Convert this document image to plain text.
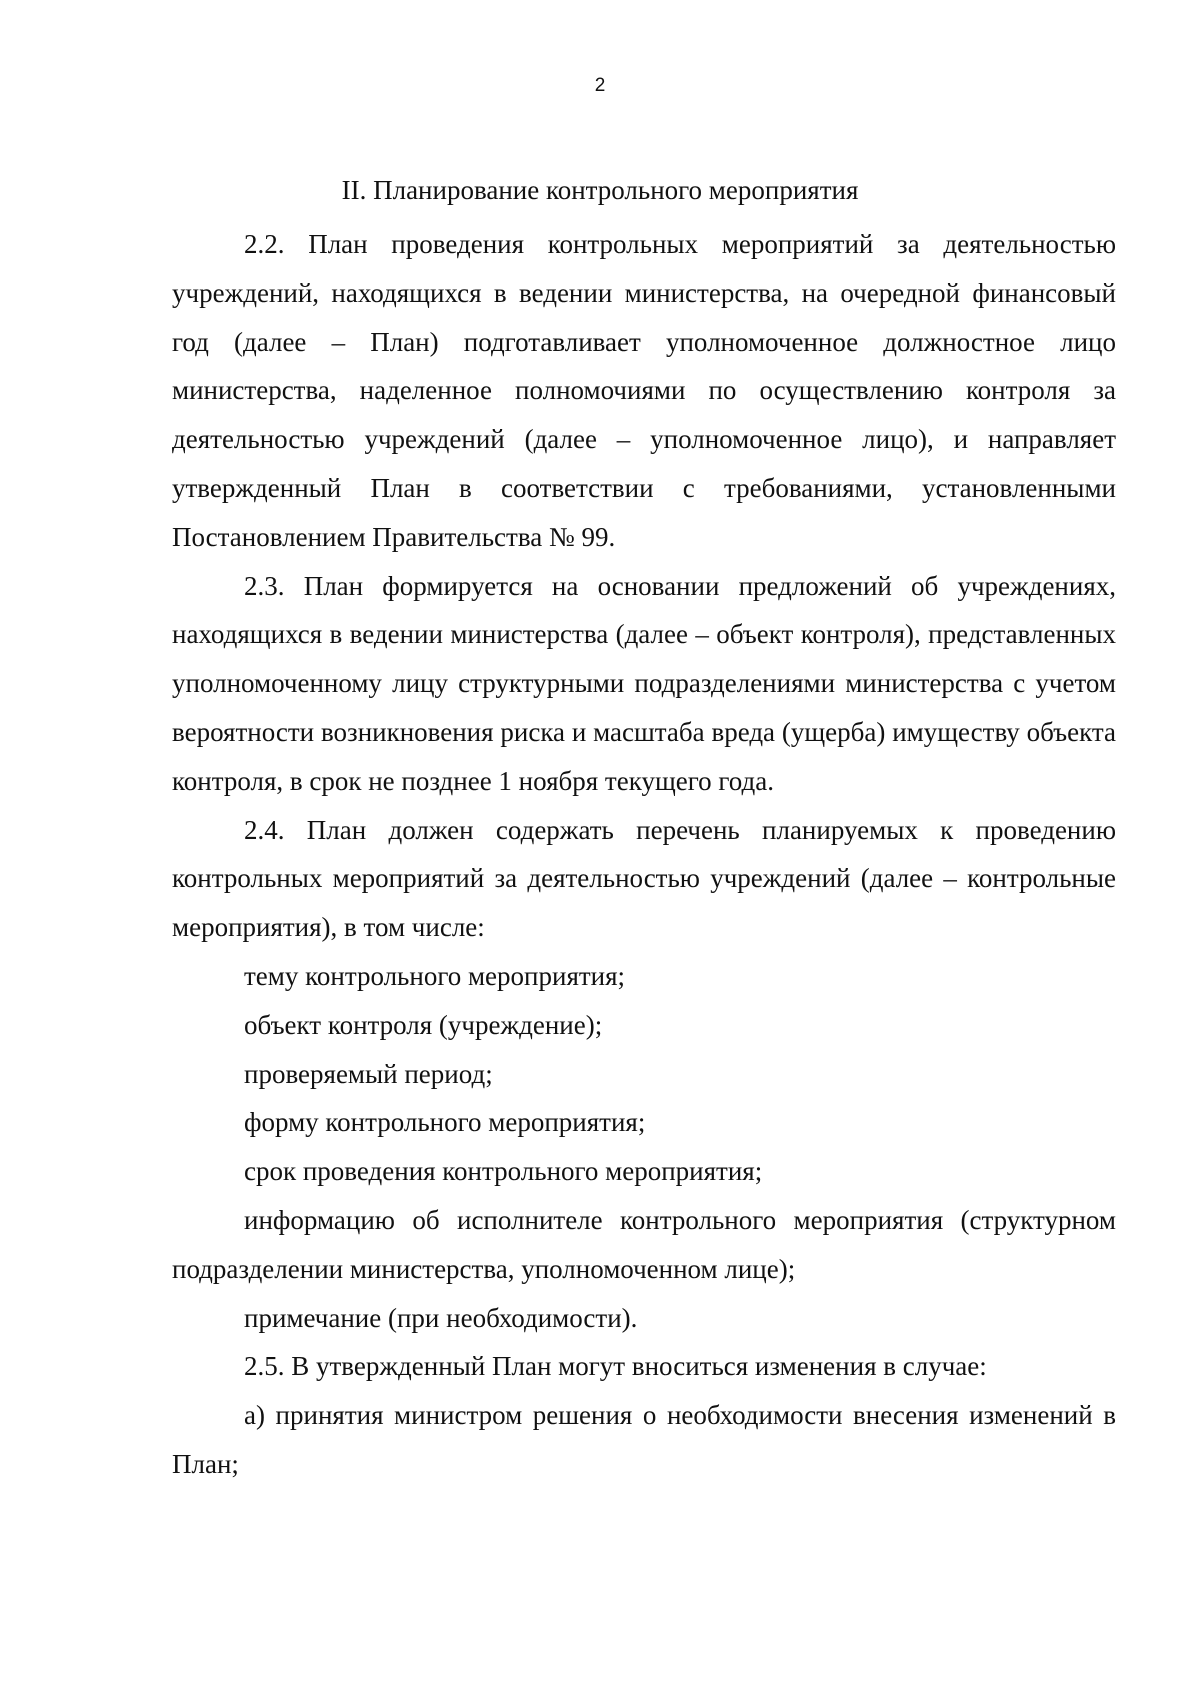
2
II. Планирование контрольного мероприятия

2.2. План проведения контрольных мероприятий за деятельностью учреждений, находящихся в ведении министерства, на очередной финансовый год (далее – План) подготавливает уполномоченное должностное лицо министерства, наделенное полномочиями по осуществлению контроля за деятельностью учреждений (далее – уполномоченное лицо), и направляет утвержденный План в соответствии с требованиями, установленными Постановлением Правительства № 99.

2.3. План формируется на основании предложений об учреждениях, находящихся в ведении министерства (далее – объект контроля), представленных уполномоченному лицу структурными подразделениями министерства с учетом вероятности возникновения риска и масштаба вреда (ущерба) имуществу объекта контроля, в срок не позднее 1 ноября текущего года.

2.4. План должен содержать перечень планируемых к проведению контрольных мероприятий за деятельностью учреждений (далее – контрольные мероприятия), в том числе:

тему контрольного мероприятия;

объект контроля (учреждение);

проверяемый период;

форму контрольного мероприятия;

срок проведения контрольного мероприятия;

информацию об исполнителе контрольного мероприятия (структурном подразделении министерства, уполномоченном лице);

примечание (при необходимости).

2.5. В утвержденный План могут вноситься изменения в случае:

а) принятия министром решения о необходимости внесения изменений в План;
